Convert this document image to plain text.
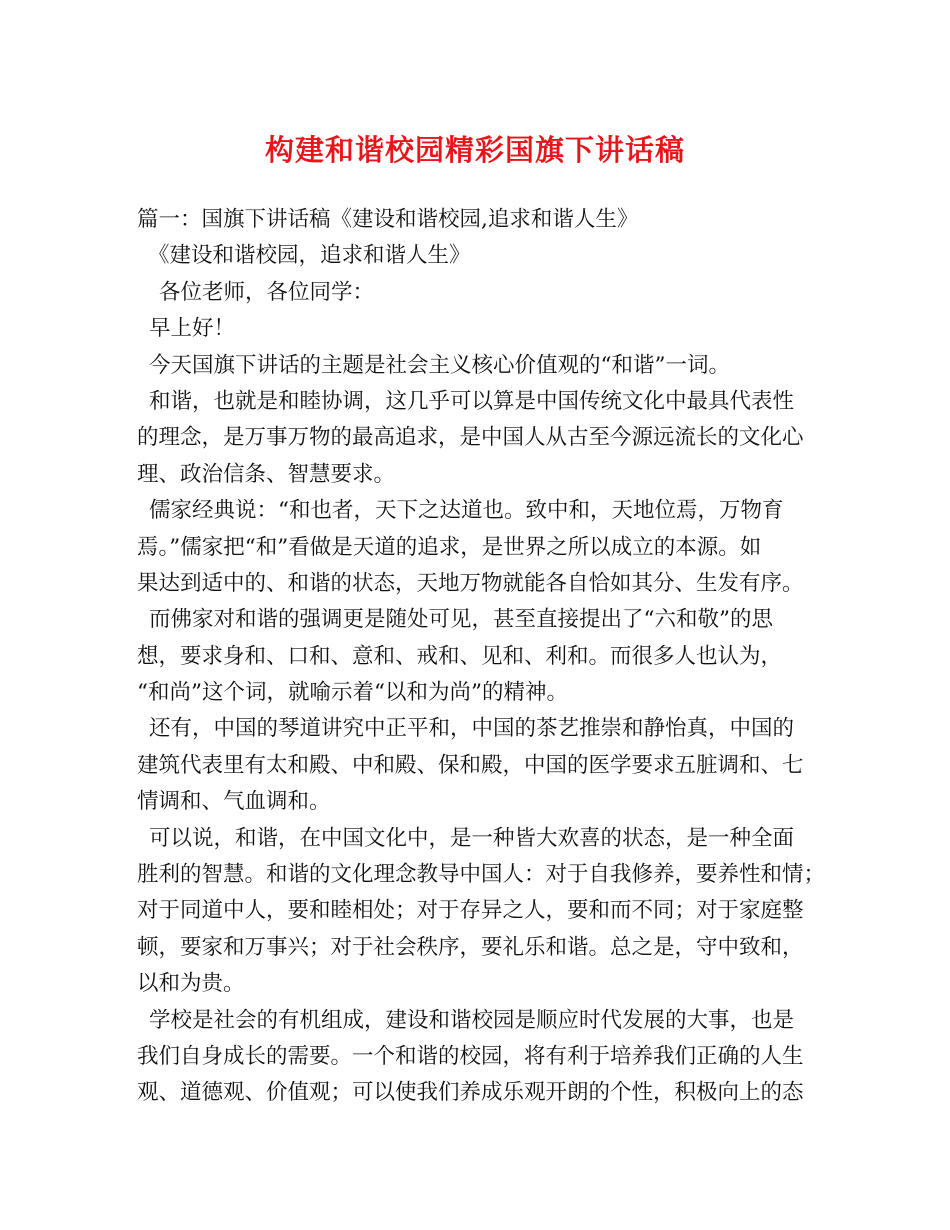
构建和谐校园精彩国旗下讲话稿
篇一：国旗下讲话稿《建设和谐校园,追求和谐人生》
《建设和谐校园，追求和谐人生》
各位老师，各位同学：
早上好！
今天国旗下讲话的主题是社会主义核心价值观的“和谐”一词。
和谐，也就是和睦协调，这几乎可以算是中国传统文化中最具代表性
的理念，是万事万物的最高追求，是中国人从古至今源远流长的文化心
理、政治信条、智慧要求。
儒家经典说：“和也者，天下之达道也。致中和，天地位焉，万物育
焉。”儒家把“和”看做是天道的追求，是世界之所以成立的本源。如
果达到适中的、和谐的状态，天地万物就能各自恰如其分、生发有序。
而佛家对和谐的强调更是随处可见，甚至直接提出了“六和敬”的思
想，要求身和、口和、意和、戒和、见和、利和。而很多人也认为，
“和尚”这个词，就喻示着“以和为尚”的精神。
还有，中国的琴道讲究中正平和，中国的茶艺推崇和静怡真，中国的
建筑代表里有太和殿、中和殿、保和殿，中国的医学要求五脏调和、七
情调和、气血调和。
可以说，和谐，在中国文化中，是一种皆大欢喜的状态，是一种全面
胜利的智慧。和谐的文化理念教导中国人：对于自我修养，要养性和情；
对于同道中人，要和睦相处；对于存异之人，要和而不同；对于家庭整
顿，要家和万事兴；对于社会秩序，要礼乐和谐。总之是，守中致和，
以和为贵。
学校是社会的有机组成，建设和谐校园是顺应时代发展的大事，也是
我们自身成长的需要。一个和谐的校园，将有利于培养我们正确的人生
观、道德观、价值观；可以使我们养成乐观开朗的个性，积极向上的态
